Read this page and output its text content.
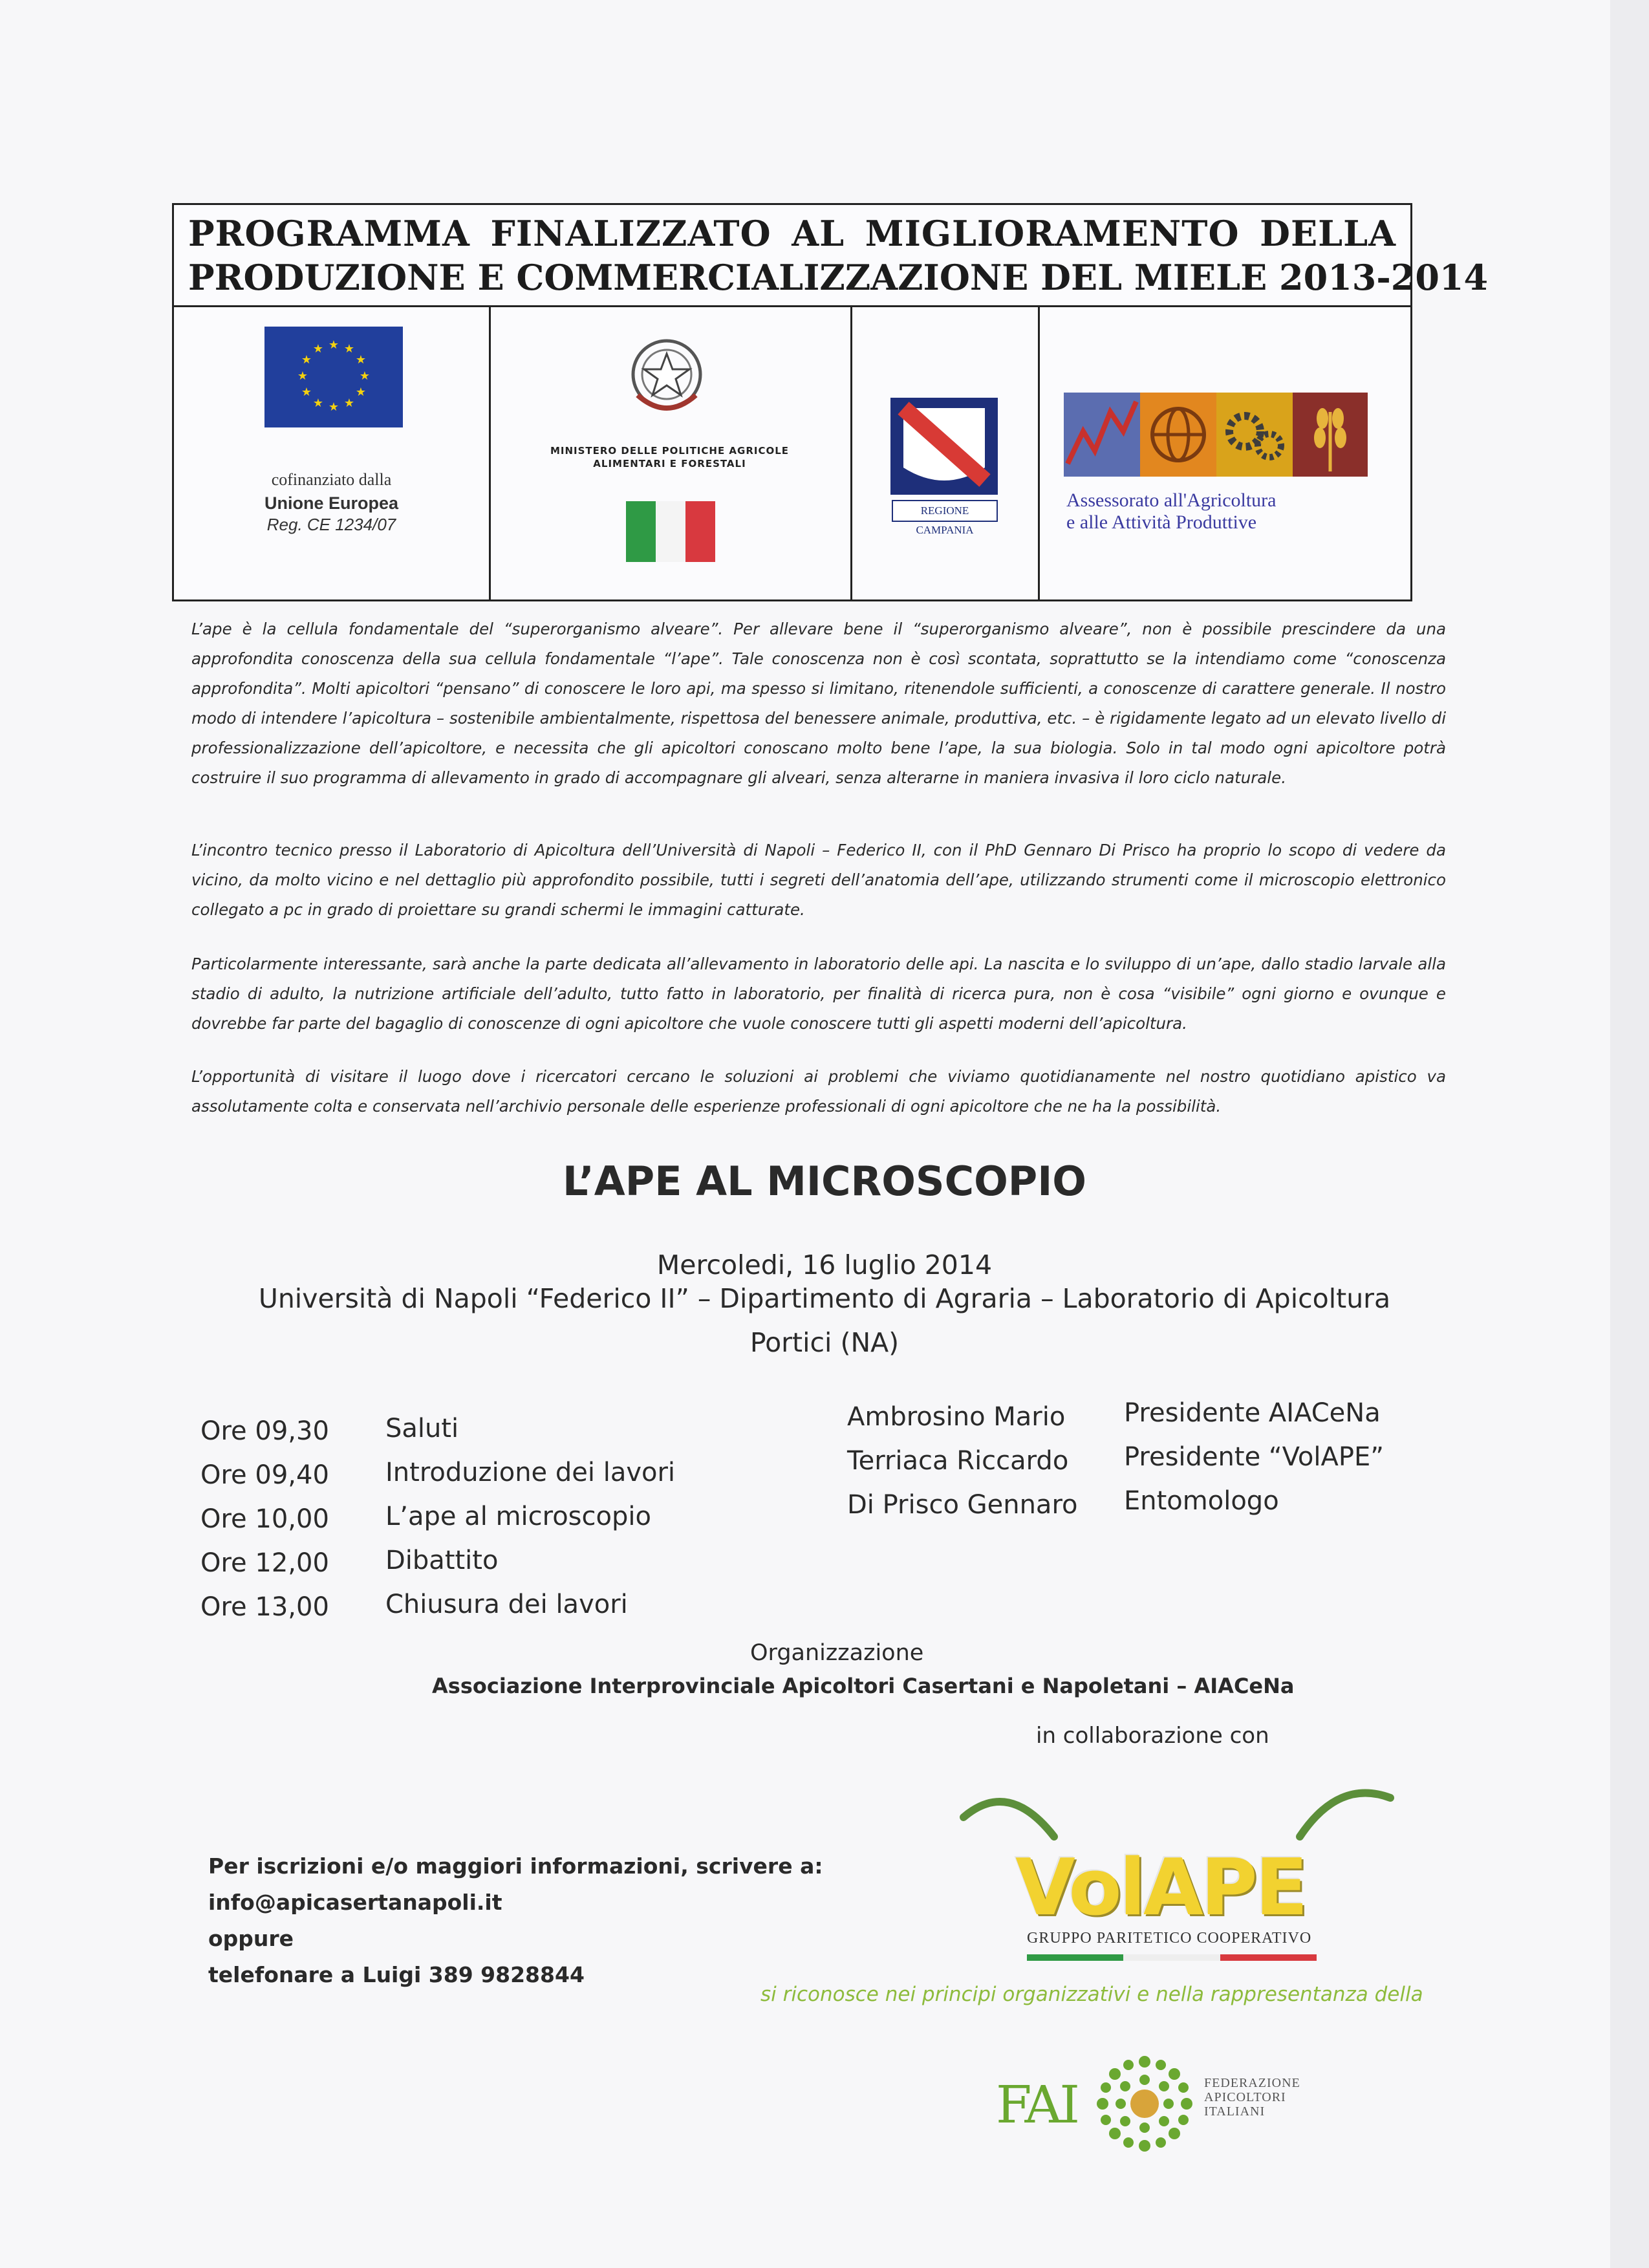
PROGRAMMA FINALIZZATO AL MIGLIORAMENTO DELLA
PRODUZIONE E COMMERCIALIZZAZIONE DEL MIELE 2013-2014
★ ★
★
★
★
★
★
★
★
★
★
★
cofinanziato dalla
Unione Europea
Reg. CE 1234/07
MINISTERO DELLE POLITICHE AGRICOLE
ALIMENTARI E FORESTALI
REGIONE CAMPANIA
Assessorato all'Agricoltura
e alle Attività Produttive
L’ape è la cellula fondamentale del “superorganismo alveare”. Per allevare bene il “superorganismo alveare”, non è possibile prescindere da una approfondita conoscenza della sua cellula fondamentale “l’ape”. Tale conoscenza non è così scontata, soprattutto se la intendiamo come “conoscenza approfondita”. Molti apicoltori “pensano” di conoscere le loro api, ma spesso si limitano, ritenendole sufficienti, a conoscenze di carattere generale. Il nostro modo di intendere l’apicoltura – sostenibile ambientalmente, rispettosa del benessere animale, produttiva, etc. – è rigidamente legato ad un elevato livello di professionalizzazione dell’apicoltore, e necessita che gli apicoltori conoscano molto bene l’ape, la sua biologia. Solo in tal modo ogni apicoltore potrà costruire il suo programma di allevamento in grado di accompagnare gli alveari, senza alterarne in maniera invasiva il loro ciclo naturale.
L’incontro tecnico presso il Laboratorio di Apicoltura dell’Università di Napoli – Federico II, con il PhD Gennaro Di Prisco ha proprio lo scopo di vedere da vicino, da molto vicino e nel dettaglio più approfondito possibile, tutti i segreti dell’anatomia dell’ape, utilizzando strumenti come il microscopio elettronico collegato a pc in grado di proiettare su grandi schermi le immagini catturate.
Particolarmente interessante, sarà anche la parte dedicata all’allevamento in laboratorio delle api. La nascita e lo sviluppo di un’ape, dallo stadio larvale alla stadio di adulto, la nutrizione artificiale dell’adulto, tutto fatto in laboratorio, per finalità di ricerca pura, non è cosa “visibile” ogni giorno e ovunque e dovrebbe far parte del bagaglio di conoscenze di ogni apicoltore che vuole conoscere tutti gli aspetti moderni dell’apicoltura.
L’opportunità di visitare il luogo dove i ricercatori cercano le soluzioni ai problemi che viviamo quotidianamente nel nostro quotidiano apistico va assolutamente colta e conservata nell’archivio personale delle esperienze professionali di ogni apicoltore che ne ha la possibilità.
L’APE AL MICROSCOPIO
Mercoledi, 16 luglio 2014
Università di Napoli “Federico II” – Dipartimento di Agraria – Laboratorio di Apicoltura
Portici (NA)
Ore 09,30 Saluti
Ore 09,40 Introduzione dei lavori
Ore 10,00 L’ape al microscopio
Ore 12,00 Dibattito
Ore 13,00 Chiusura dei lavori
Ambrosino Mario Presidente AIACeNa
Terriaca Riccardo Presidente “VolAPE”
Di Prisco Gennaro Entomologo
Organizzazione
Associazione Interprovinciale Apicoltori Casertani e Napoletani – AIACeNa
in collaborazione con
Per iscrizioni e/o maggiori informazioni, scrivere a:
info@apicasertanapoli.it
oppure
telefonare a Luigi 389 9828844
VolAPE
GRUPPO PARITETICO COOPERATIVO
si riconosce nei principi organizzativi e nella rappresentanza della
FAI	FEDERAZIONE
APICOLTORI
ITALIANI
